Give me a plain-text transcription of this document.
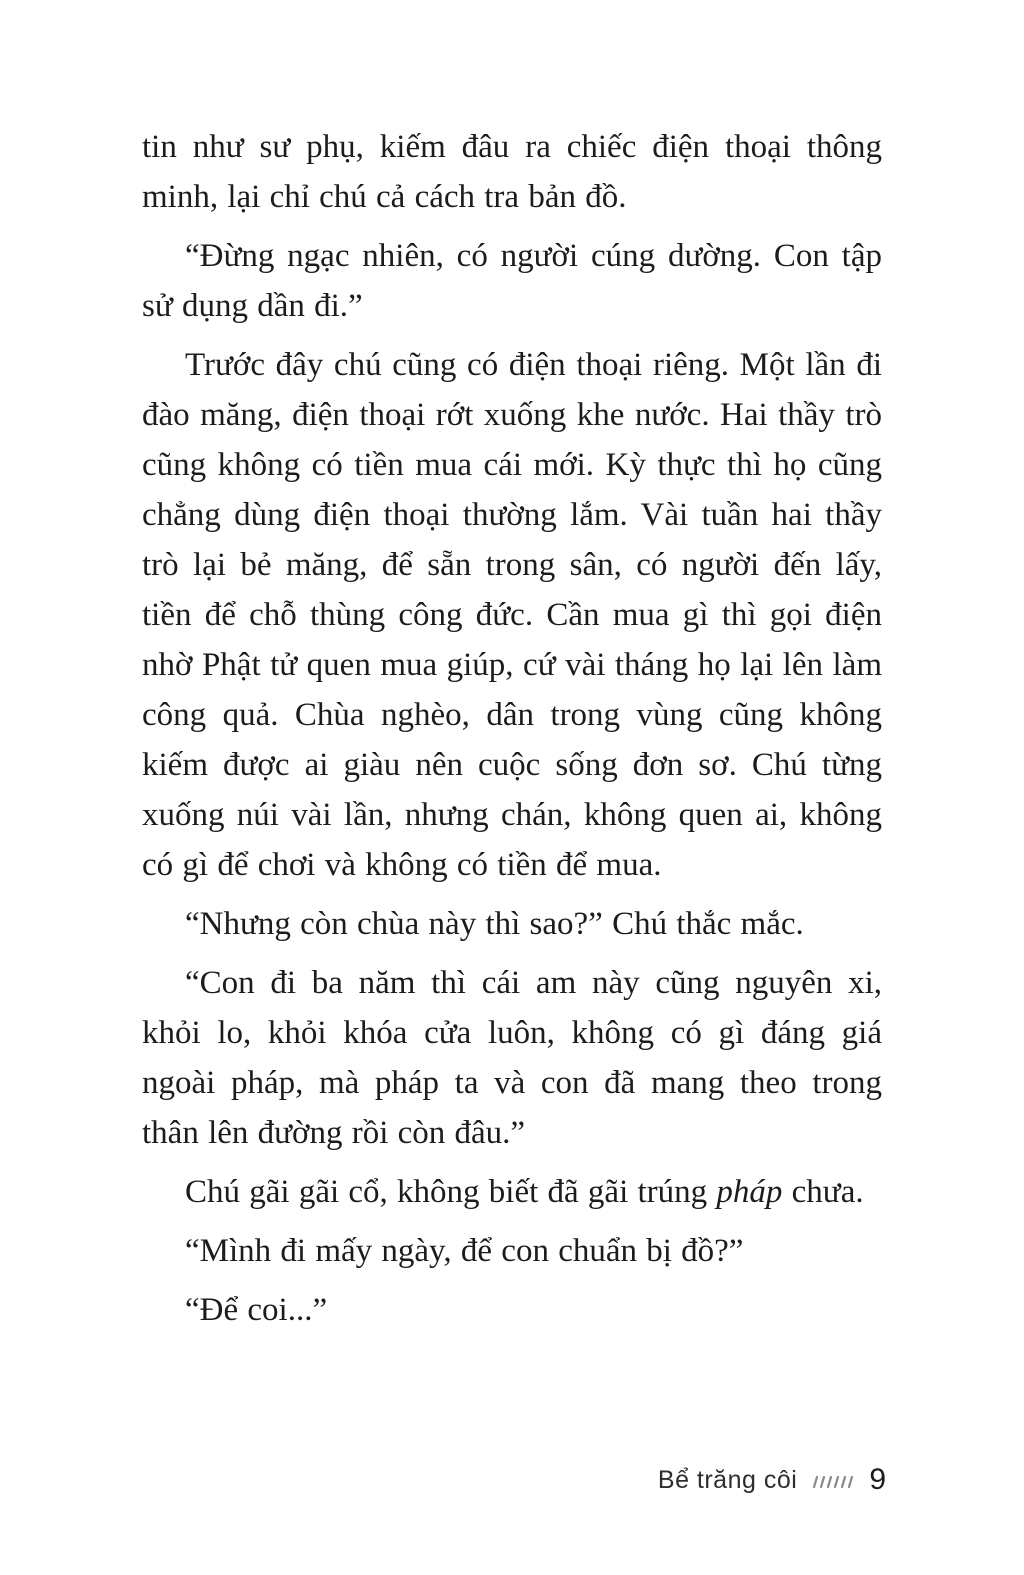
tin như sư phụ, kiếm đâu ra chiếc điện thoại thông minh, lại chỉ chú cả cách tra bản đồ.

“Đừng ngạc nhiên, có người cúng dường. Con tập sử dụng dần đi.”

Trước đây chú cũng có điện thoại riêng. Một lần đi đào măng, điện thoại rớt xuống khe nước. Hai thầy trò cũng không có tiền mua cái mới. Kỳ thực thì họ cũng chẳng dùng điện thoại thường lắm. Vài tuần hai thầy trò lại bẻ măng, để sẵn trong sân, có người đến lấy, tiền để chỗ thùng công đức. Cần mua gì thì gọi điện nhờ Phật tử quen mua giúp, cứ vài tháng họ lại lên làm công quả. Chùa nghèo, dân trong vùng cũng không kiếm được ai giàu nên cuộc sống đơn sơ. Chú từng xuống núi vài lần, nhưng chán, không quen ai, không có gì để chơi và không có tiền để mua.

“Nhưng còn chùa này thì sao?” Chú thắc mắc.

“Con đi ba năm thì cái am này cũng nguyên xi, khỏi lo, khỏi khóa cửa luôn, không có gì đáng giá ngoài pháp, mà pháp ta và con đã mang theo trong thân lên đường rồi còn đâu.”

Chú gãi gãi cổ, không biết đã gãi trúng pháp chưa.

“Mình đi mấy ngày, để con chuẩn bị đồ?”

“Để coi...”

Bể trăng côi 9
